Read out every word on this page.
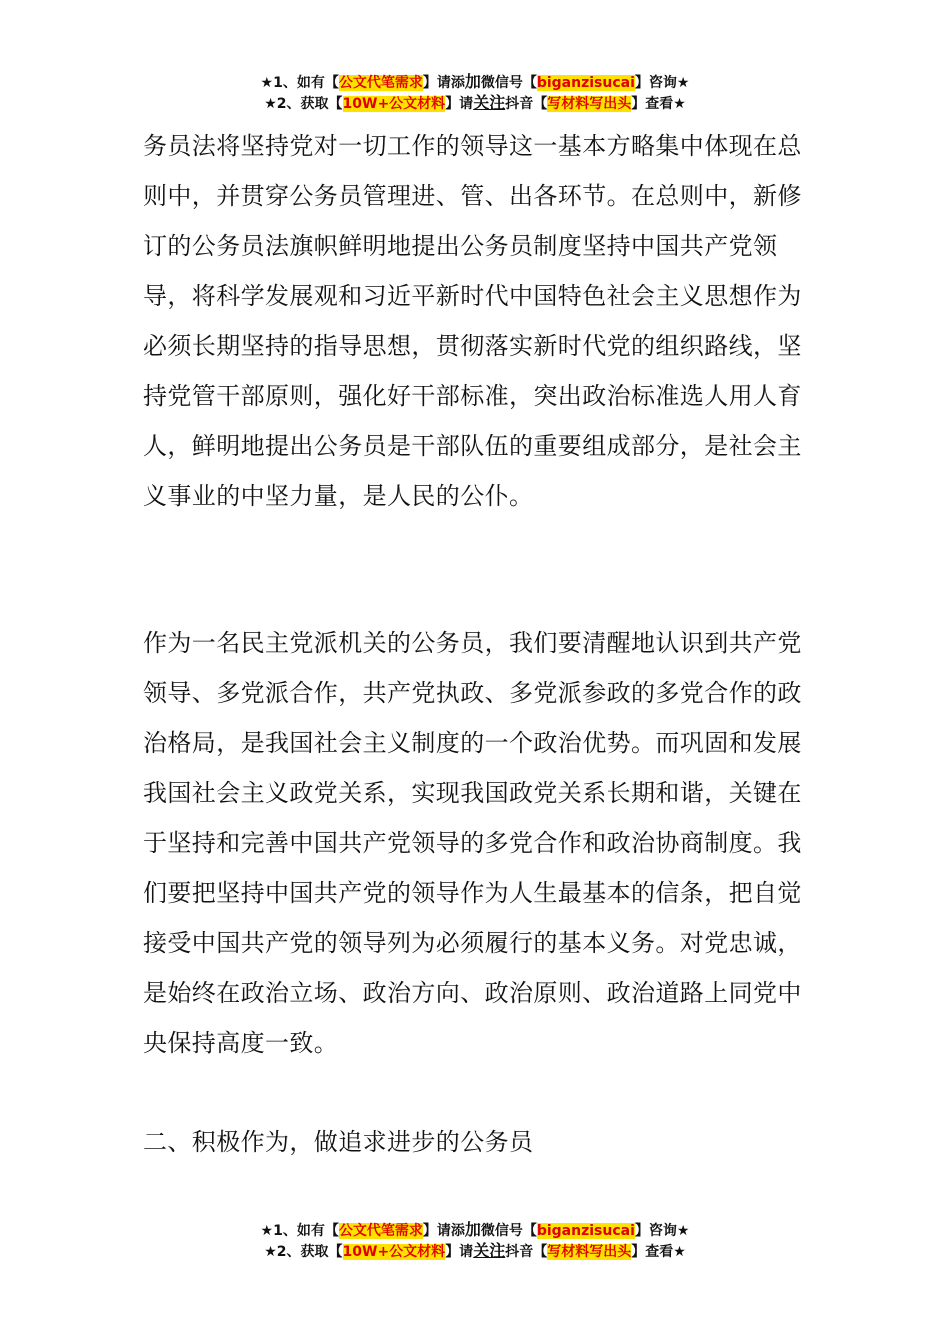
★1、如有【公文代笔需求】请添加微信号【biganzisucai】咨询★
★2、获取【10W+公文材料】请关注抖音【写材料写出头】查看★

务员法将坚持党对一切工作的领导这一基本方略集中体现在总则中，并贯穿公务员管理进、管、出各环节。在总则中，新修订的公务员法旗帜鲜明地提出公务员制度坚持中国共产党领导，将科学发展观和习近平新时代中国特色社会主义思想作为必须长期坚持的指导思想，贯彻落实新时代党的组织路线，坚持党管干部原则，强化好干部标准，突出政治标准选人用人育人，鲜明地提出公务员是干部队伍的重要组成部分，是社会主义事业的中坚力量，是人民的公仆。

作为一名民主党派机关的公务员，我们要清醒地认识到共产党领导、多党派合作，共产党执政、多党派参政的多党合作的政治格局，是我国社会主义制度的一个政治优势。而巩固和发展我国社会主义政党关系，实现我国政党关系长期和谐，关键在于坚持和完善中国共产党领导的多党合作和政治协商制度。我们要把坚持中国共产党的领导作为人生最基本的信条，把自觉接受中国共产党的领导列为必须履行的基本义务。对党忠诚，是始终在政治立场、政治方向、政治原则、政治道路上同党中央保持高度一致。

二、积极作为，做追求进步的公务员

★1、如有【公文代笔需求】请添加微信号【biganzisucai】咨询★
★2、获取【10W+公文材料】请关注抖音【写材料写出头】查看★
